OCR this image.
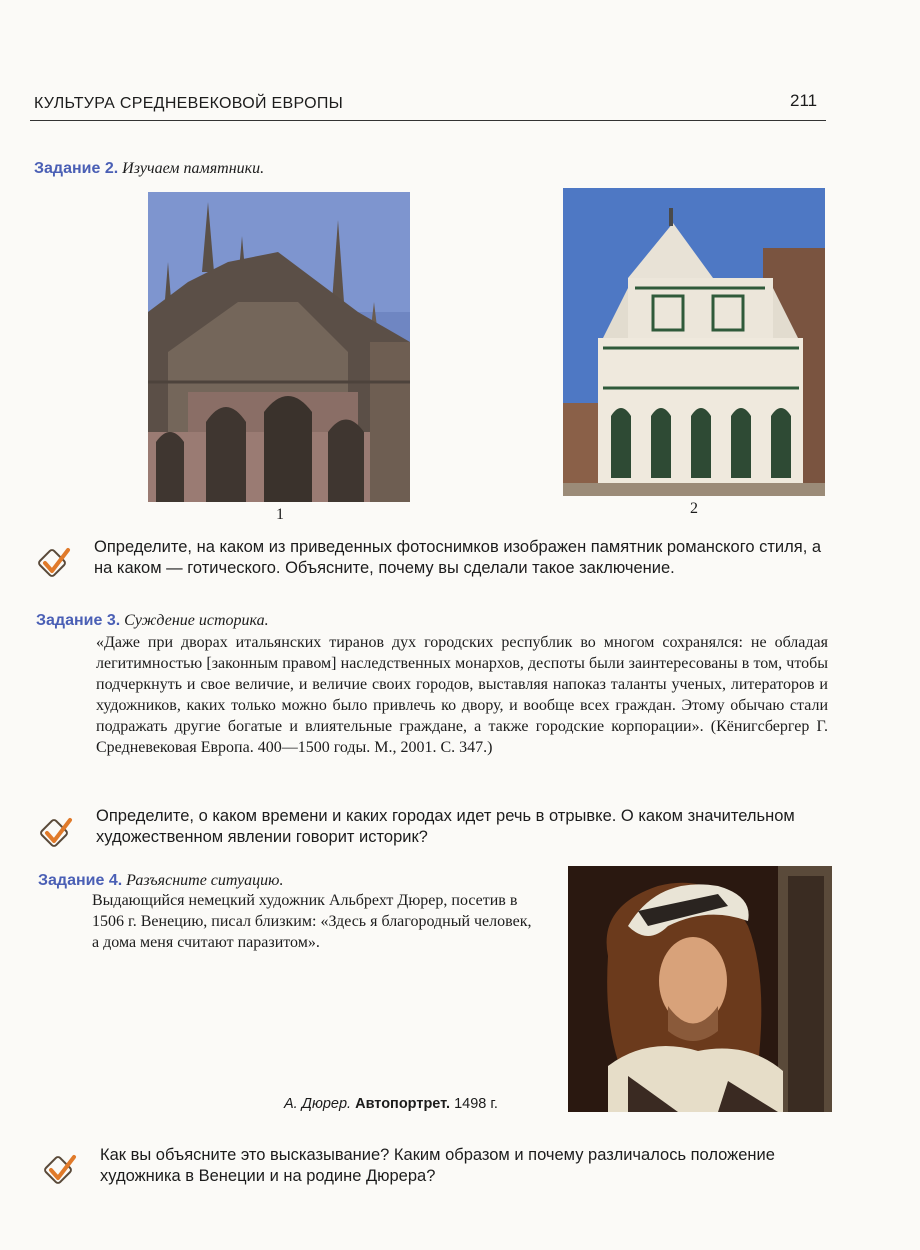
КУЛЬТУРА СРЕДНЕВЕКОВОЙ ЕВРОПЫ	211
Задание 2. Изучаем памятники.
1	2
Определите, на каком из приведенных фотоснимков изображен памятник романского стиля, а на каком — готического. Объясните, почему вы сделали такое заключение.
Задание 3. Суждение историка.
«Даже при дворах итальянских тиранов дух городских республик во многом сохранялся: не обладая легитимностью [законным правом] наследственных монархов, деспоты были заинтересованы в том, чтобы подчеркнуть и свое величие, и величие своих городов, выставляя напоказ таланты ученых, литераторов и художников, каких только можно было привлечь ко двору, и вообще всех граждан. Этому обычаю стали подражать другие богатые и влиятельные граждане, а также городские корпорации». (Кёнигсбергер Г. Средневековая Европа. 400—1500 годы. М., 2001. С. 347.)
Определите, о каком времени и каких городах идет речь в отрывке. О каком значительном художественном явлении говорит историк?
Задание 4. Разъясните ситуацию.
Выдающийся немецкий художник Альбрехт Дюрер, посетив в 1506 г. Венецию, писал близким: «Здесь я благородный человек, а дома меня считают паразитом».
А. Дюрер. Автопортрет. 1498 г.
Как вы объясните это высказывание? Каким образом и почему различалось положение художника в Венеции и на родине Дюрера?
